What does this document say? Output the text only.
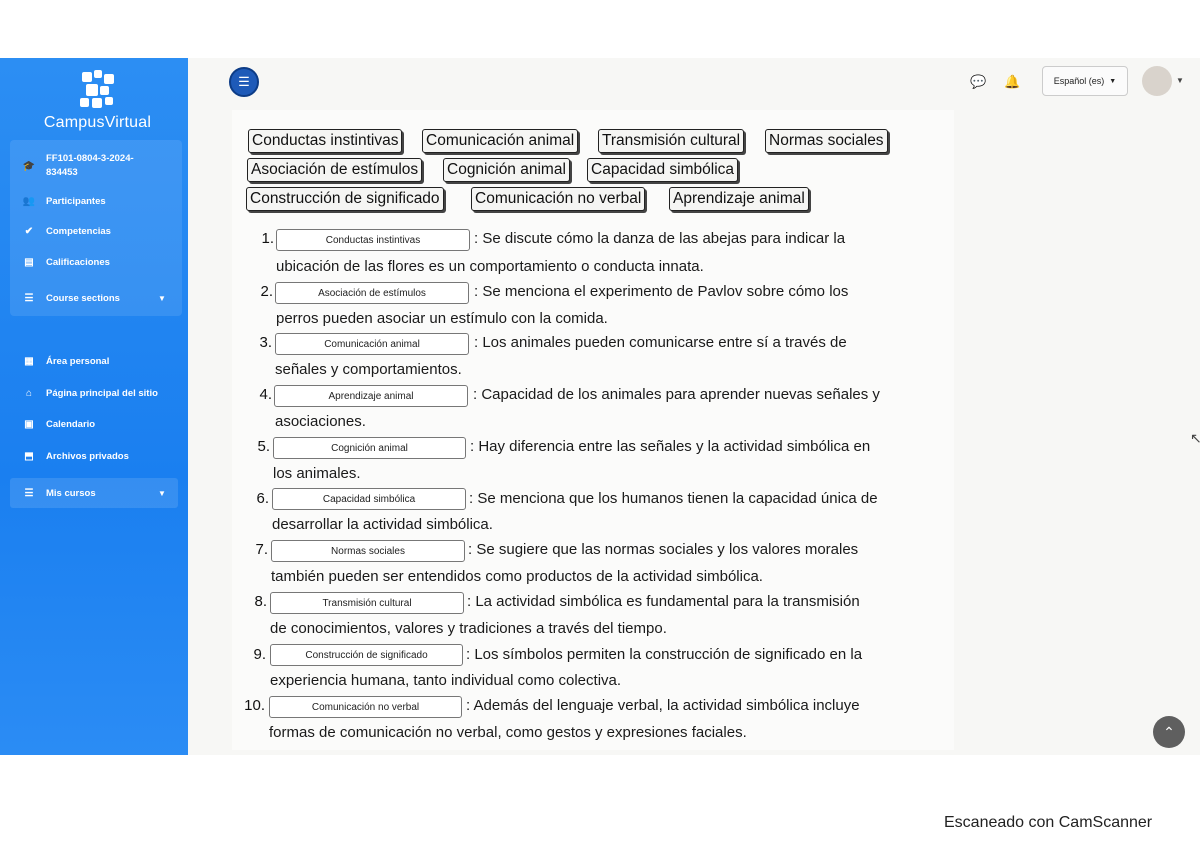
CampusVirtual
🎓
FF101-0804-3-2024-
834453
👥 Participantes
✔ Competencias
▤ Calificaciones
☰ Course sections	▼
▦ Área personal
⌂	Página principal del sitio
▣ Calendario
⬒ Archivos privados
☰ Mis cursos	▼
☰	💬 🔔	Español (es) ▼	▼
Conductas instintivas Comunicación animal Transmisión cultural Normas sociales
Asociación de estímulos Cognición animal Capacidad simbólica
Construcción de significado Comunicación no verbal Aprendizaje animal
1.	Conductas instintivas	: Se discute cómo la danza de las abejas para indicar la
ubicación de las flores es un comportamiento o conducta innata.
2.	Asociación de estímulos	: Se menciona el experimento de Pavlov sobre cómo los
perros pueden asociar un estímulo con la comida.
3.	Comunicación animal	: Los animales pueden comunicarse entre sí a través de
señales y comportamientos.
4.	Aprendizaje animal	: Capacidad de los animales para aprender nuevas señales y
asociaciones.
5.	Cognición animal	: Hay diferencia entre las señales y la actividad simbólica en
los animales.
6.	Capacidad simbólica	: Se menciona que los humanos tienen la capacidad única de
desarrollar la actividad simbólica.
7.	Normas sociales	: Se sugiere que las normas sociales y los valores morales
también pueden ser entendidos como productos de la actividad simbólica.
8.	Transmisión cultural	: La actividad simbólica es fundamental para la transmisión
de conocimientos, valores y tradiciones a través del tiempo.
9.	Construcción de significado	: Los símbolos permiten la construcción de significado en la
experiencia humana, tanto individual como colectiva.
10.	Comunicación no verbal	: Además del lenguaje verbal, la actividad simbólica incluye
formas de comunicación no verbal, como gestos y expresiones faciales.	⌃
↖
Escaneado con CamScanner
